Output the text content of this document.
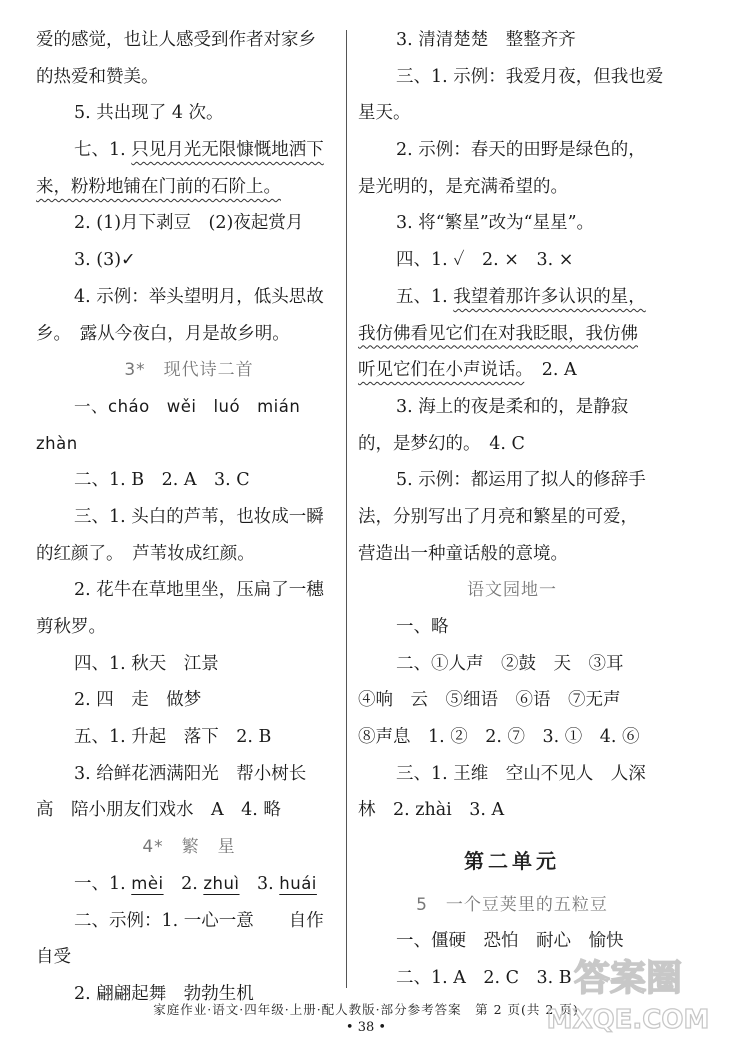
爱的感觉，也让人感受到作者对家乡
的热爱和赞美。
5. 共出现了 4 次。
七、1. 只见月光无限慷慨地洒下
来，粉粉地铺在门前的石阶上。
2. (1)月下剥豆　(2)夜起赏月
3. (3)✓
4. 示例：举头望明月，低头思故
乡。　露从今夜白，月是故乡明。
3*　现代诗二首
一、cháo　wěi　luó　mián
zhàn
二、1. B　2. A　3. C
三、1. 头白的芦苇，也妆成一瞬
的红颜了。　芦苇妆成红颜。
2. 花牛在草地里坐，压扁了一穗
剪秋罗。
四、1. 秋天　江景
2. 四　走　做梦
五、1. 升起　落下　2. B
3. 给鲜花洒满阳光　帮小树长
高　陪小朋友们戏水　A　4. 略
4*　繁　星
一、1. mèi　2. zhuì　3. huái
二、示例：1. 一心一意　　自作
自受
2. 翩翩起舞　勃勃生机
3. 清清楚楚　整整齐齐
三、1. 示例：我爱月夜，但我也爱
星天。
2. 示例：春天的田野是绿色的，
是光明的，是充满希望的。
3. 将“繁星”改为“星星”。
四、1. ✓　2. ×　3. ×
五、1. 我望着那许多认识的星，
我仿佛看见它们在对我眨眼，我仿佛
听见它们在小声说话。　2. A
3. 海上的夜是柔和的，是静寂
的，是梦幻的。　4. C
5. 示例：都运用了拟人的修辞手
法，分别写出了月亮和繁星的可爱，
营造出一种童话般的意境。
语文园地一
一、略
二、①人声　②鼓　天　③耳
④响　云　⑤细语　⑥语　⑦无声
⑧声息　1. ②　2. ⑦　3. ①　4. ⑥
三、1. 王维　空山不见人　人深
林　2. zhài　3. A
第二单元
5　一个豆荚里的五粒豆
一、僵硬　恐怕　耐心　愉快
二、1. A　2. C　3. B
家庭作业·语文·四年级·上册·配人教版·部分参考答案　第 2 页(共 2 页)
• 38 •
答案圈
MXQE.COM
